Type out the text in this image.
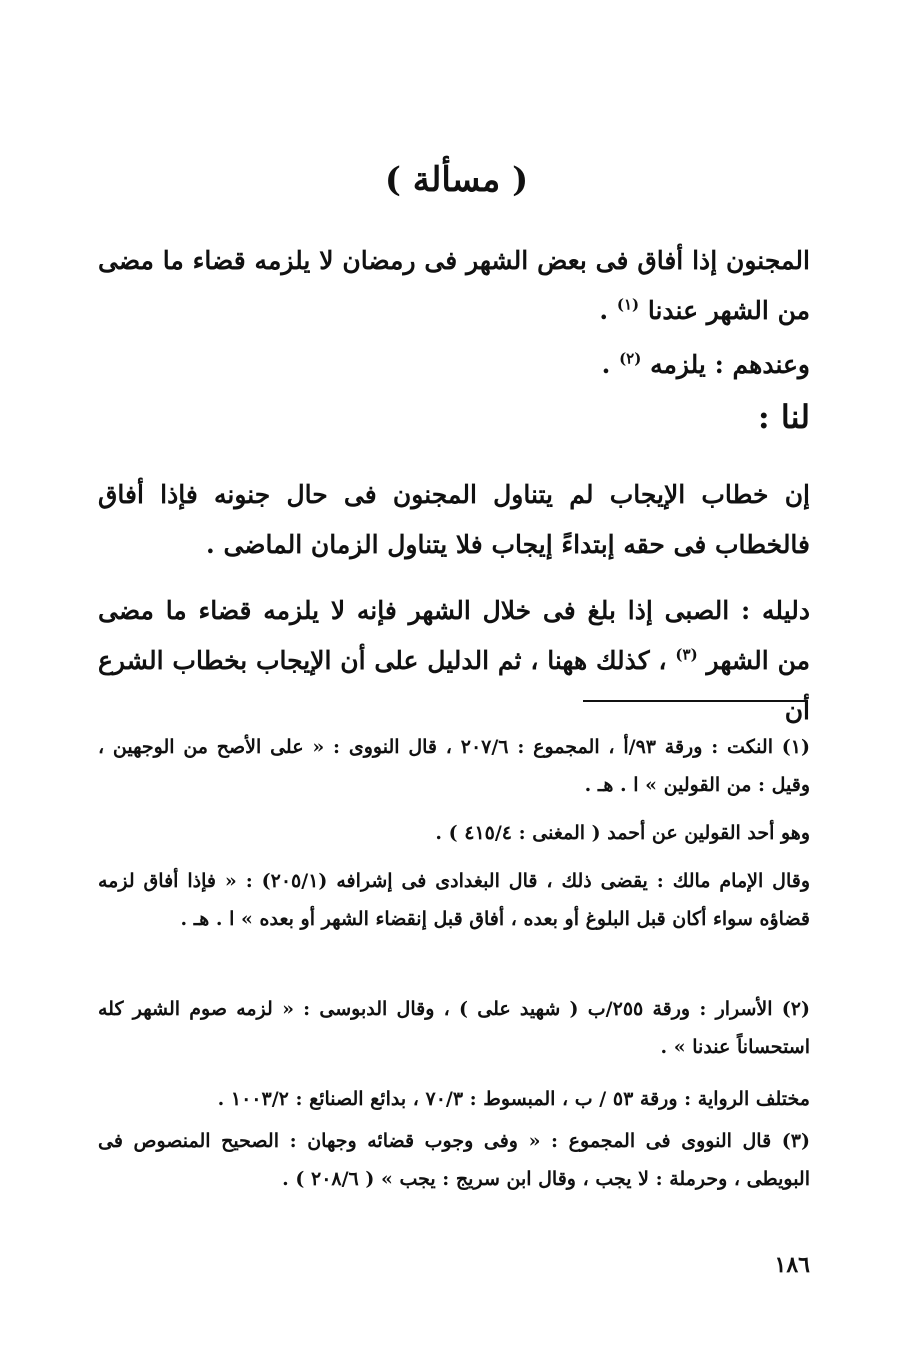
( مسألة )
المجنون إذا أفاق فى بعض الشهر فى رمضان لا يلزمه قضاء ما مضى من الشهر عندنا $^{(١)}$ .
وعندهم : يلزمه $^{(٢)}$ .
لنا :
إن خطاب الإيجاب لم يتناول المجنون فى حال جنونه فإذا أفاق فالخطاب فى حقه إبتداءً إيجاب فلا يتناول الزمان الماضى .
دليله : الصبى إذا بلغ فى خلال الشهر فإنه لا يلزمه قضاء ما مضى من الشهر $^{(٣)}$ ، كذلك ههنا ، ثم الدليل على أن الإيجاب بخطاب الشرع أن
(١) النكت : ورقة ٩٣/أ ، المجموع : ٢٠٧/٦ ، قال النووى : « على الأصح من الوجهين ، وقيل : من القولين » ا . هـ .
وهو أحد القولين عن أحمد ( المغنى : ٤١٥/٤ ) .
وقال الإمام مالك : يقضى ذلك ، قال البغدادى فى إشرافه (٢٠٥/١) : « فإذا أفاق لزمه قضاؤه سواء أكان قبل البلوغ أو بعده ، أفاق قبل إنقضاء الشهر أو بعده » ا . هـ .
(٢) الأسرار : ورقة ٢٥٥/ب ( شهيد على ) ، وقال الدبوسى : « لزمه صوم الشهر كله استحساناً عندنا » .
مختلف الرواية : ورقة ٥٣ / ب ، المبسوط : ٧٠/٣ ، بدائع الصنائع : ١٠٠٣/٢ .
(٣) قال النووى فى المجموع : « وفى وجوب قضائه وجهان : الصحيح المنصوص فى البويطى ، وحرملة : لا يجب ، وقال ابن سريج : يجب » ( ٢٠٨/٦ ) .
١٨٦
